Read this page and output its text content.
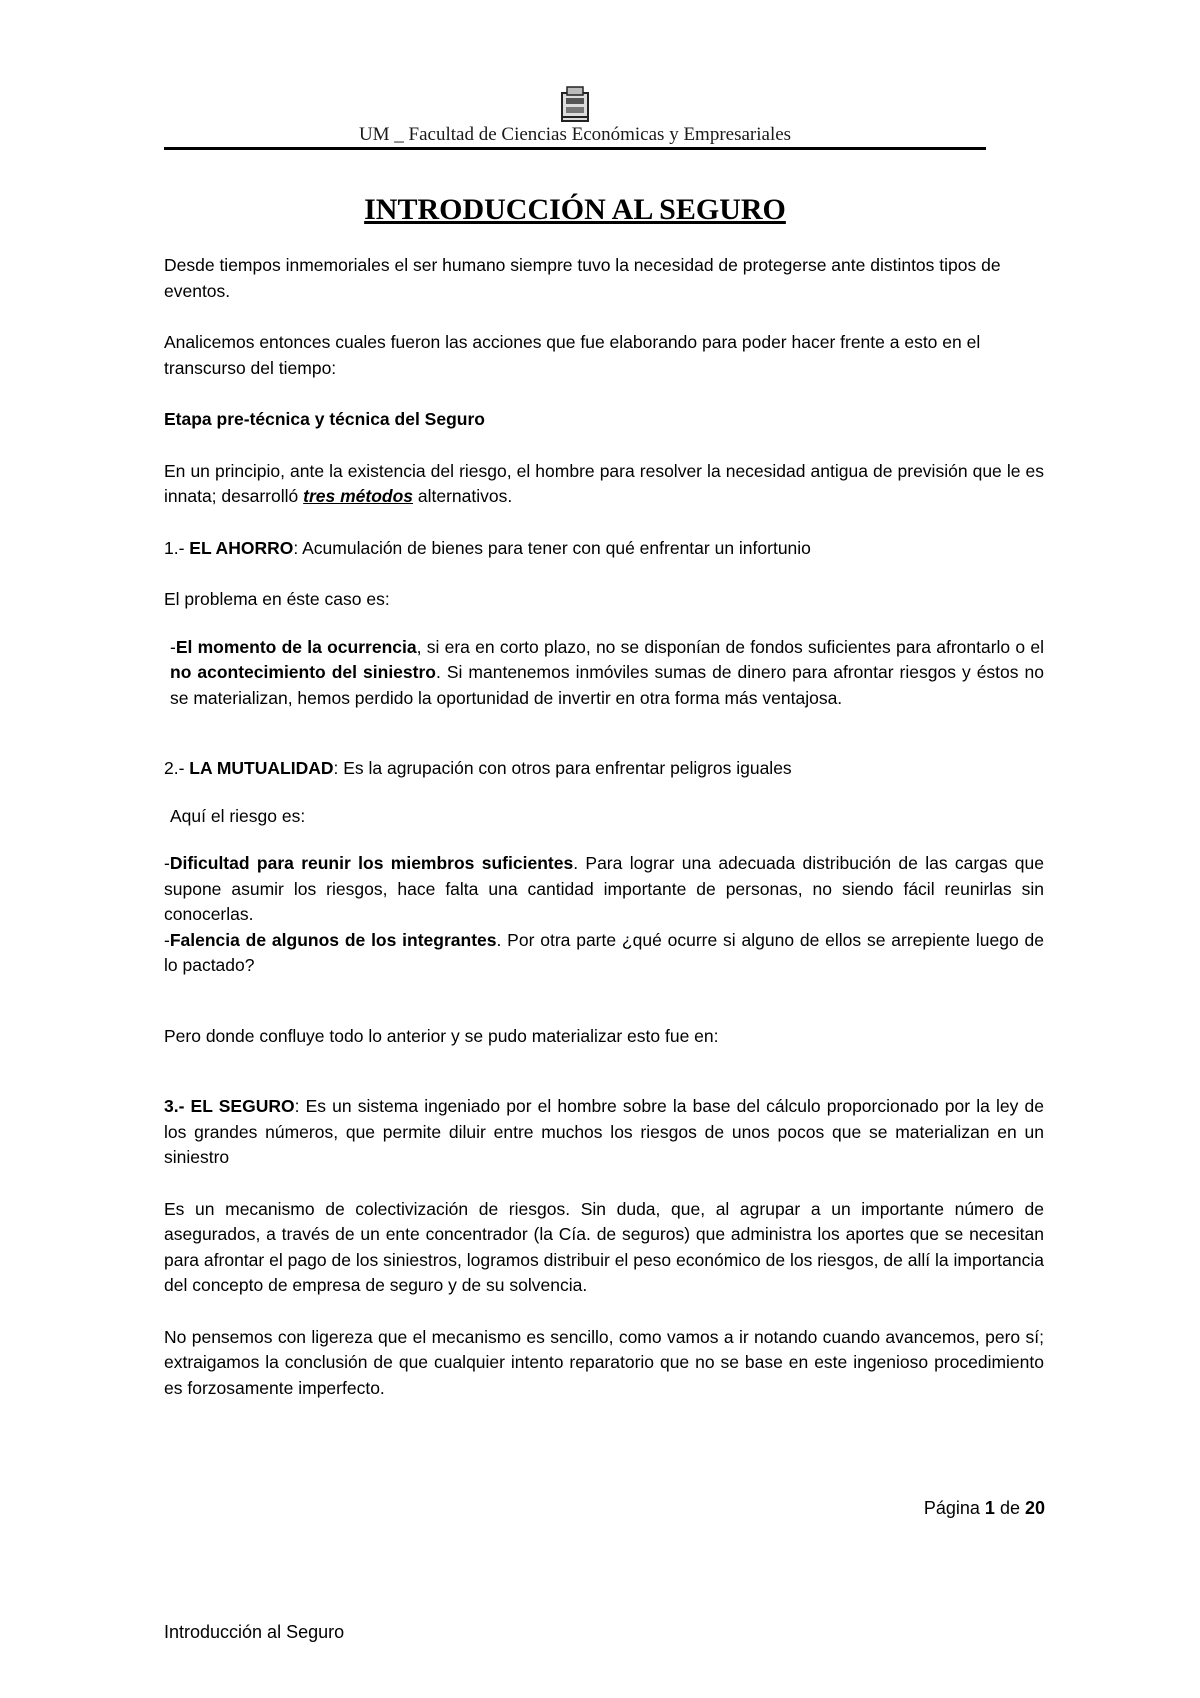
UM _ Facultad de Ciencias Económicas y Empresariales
INTRODUCCIÓN AL SEGURO

Desde tiempos inmemoriales el ser humano siempre tuvo la necesidad de protegerse ante distintos tipos de eventos.

Analicemos entonces cuales fueron las acciones que fue elaborando para poder hacer frente a esto en el transcurso del tiempo:

Etapa pre-técnica y técnica del Seguro

En un principio, ante la existencia del riesgo, el hombre para resolver la necesidad antigua de previsión que le es innata; desarrolló tres métodos alternativos.

1.- EL AHORRO: Acumulación de bienes para tener con qué enfrentar un infortunio

El problema en éste caso es:

-El momento de la ocurrencia, si era en corto plazo, no se disponían de fondos suficientes para afrontarlo o el no acontecimiento del siniestro. Si mantenemos inmóviles sumas de dinero para afrontar riesgos y éstos no se materializan, hemos perdido la oportunidad de invertir en otra forma más ventajosa.

2.- LA MUTUALIDAD: Es la agrupación con otros para enfrentar peligros iguales

Aquí el riesgo es:

-Dificultad para reunir los miembros suficientes. Para lograr una adecuada distribución de las cargas que supone asumir los riesgos, hace falta una cantidad importante de personas, no siendo fácil reunirlas sin conocerlas.

-Falencia de algunos de los integrantes. Por otra parte ¿qué ocurre si alguno de ellos se arrepiente luego de lo pactado?

Pero donde confluye todo lo anterior y se pudo materializar esto fue en:

3.- EL SEGURO: Es un sistema ingeniado por el hombre sobre la base del cálculo proporcionado por la ley de los grandes números, que permite diluir entre muchos los riesgos de unos pocos que se materializan en un siniestro

Es un mecanismo de colectivización de riesgos. Sin duda, que, al agrupar a un importante número de asegurados, a través de un ente concentrador (la Cía. de seguros) que administra los aportes que se necesitan para afrontar el pago de los siniestros, logramos distribuir el peso económico de los riesgos, de allí la importancia del concepto de empresa de seguro y de su solvencia.

No pensemos con ligereza que el mecanismo es sencillo, como vamos a ir notando cuando avancemos, pero sí; extraigamos la conclusión de que cualquier intento reparatorio que no se base en este ingenioso procedimiento es forzosamente imperfecto.

Página 1 de 20
Introducción al Seguro
